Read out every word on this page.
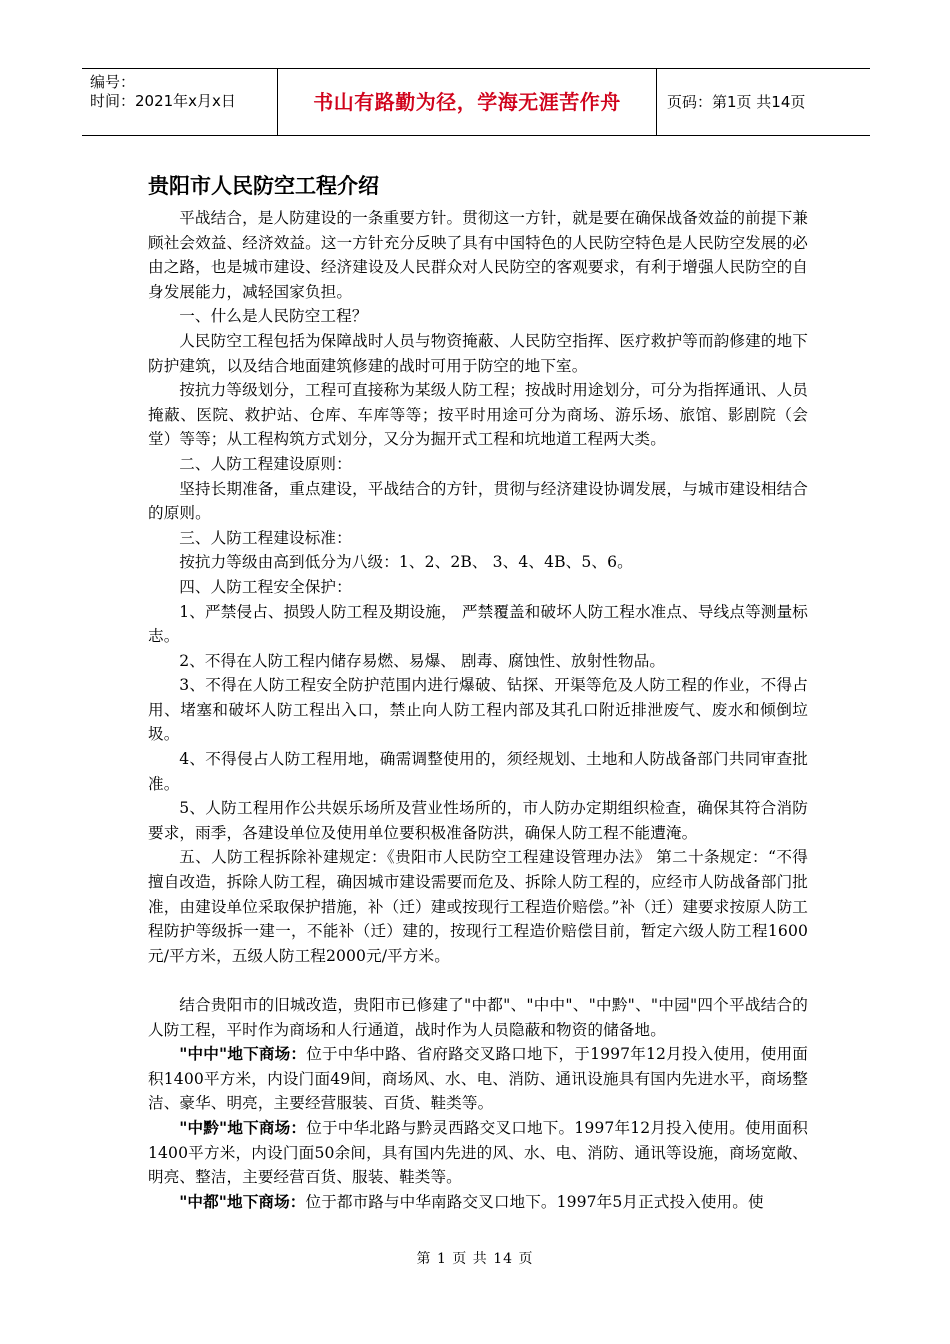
编号：
时间：2021年x月x日	书山有路勤为径，学海无涯苦作舟	页码：第1页 共14页
贵阳市人民防空工程介绍

平战结合，是人防建设的一条重要方针。贯彻这一方针，就是要在确保战备效益的前提下兼顾社会效益、经济效益。这一方针充分反映了具有中国特色的人民防空特色是人民防空发展的必由之路，也是城市建设、经济建设及人民群众对人民防空的客观要求，有利于增强人民防空的自身发展能力，减轻国家负担。

一、什么是人民防空工程？

人民防空工程包括为保障战时人员与物资掩蔽、人民防空指挥、医疗救护等而韵修建的地下防护建筑，以及结合地面建筑修建的战时可用于防空的地下室。

按抗力等级划分，工程可直接称为某级人防工程；按战时用途划分，可分为指挥通讯、人员掩蔽、医院、救护站、仓库、车库等等；按平时用途可分为商场、游乐场、旅馆、影剧院（会堂）等等；从工程构筑方式划分，又分为掘开式工程和坑地道工程两大类。

二、人防工程建设原则：

坚持长期准备，重点建设，平战结合的方针，贯彻与经济建设协调发展，与城市建设相结合的原则。

三、人防工程建设标准：

按抗力等级由高到低分为八级：1、2、2B、 3、4、4B、5、6。

四、人防工程安全保护：

1、严禁侵占、损毁人防工程及期设施， 严禁覆盖和破坏人防工程水准点、导线点等测量标志。

2、不得在人防工程内储存易燃、易爆、 剧毒、腐蚀性、放射性物品。

3、不得在人防工程安全防护范围内进行爆破、钻探、开渠等危及人防工程的作业，不得占用、堵塞和破坏人防工程出入口，禁止向人防工程内部及其孔口附近排泄废气、废水和倾倒垃圾。

4、不得侵占人防工程用地，确需调整使用的，须经规划、土地和人防战备部门共同审查批准。

5、人防工程用作公共娱乐场所及营业性场所的，市人防办定期组织检查，确保其符合消防要求，雨季，各建设单位及使用单位要积极准备防洪，确保人防工程不能遭淹。

五、人防工程拆除补建规定：《贵阳市人民防空工程建设管理办法》 第二十条规定：“不得擅自改造，拆除人防工程，确因城市建设需要而危及、拆除人防工程的，应经市人防战备部门批准，由建设单位采取保护措施，补（迁）建或按现行工程造价赔偿。”补（迁）建要求按原人防工程防护等级拆一建一，不能补（迁）建的，按现行工程造价赔偿目前，暂定六级人防工程1600元/平方米，五级人防工程2000元/平方米。

结合贵阳市的旧城改造，贵阳市已修建了"中都"、"中中"、"中黔"、"中园"四个平战结合的人防工程，平时作为商场和人行通道，战时作为人员隐蔽和物资的储备地。

"中中"地下商场：位于中华中路、省府路交叉路口地下，于1997年12月投入使用，使用面积1400平方米，内设门面49间，商场风、水、电、消防、通讯设施具有国内先进水平，商场整洁、豪华、明亮，主要经营服装、百货、鞋类等。

"中黔"地下商场：位于中华北路与黔灵西路交叉口地下。1997年12月投入使用。使用面积1400平方米，内设门面50余间，具有国内先进的风、水、电、消防、通讯等设施，商场宽敞、明亮、整洁，主要经营百货、服装、鞋类等。

"中都"地下商场：位于都市路与中华南路交叉口地下。1997年5月正式投入使用。使

第 1 页 共 14 页
